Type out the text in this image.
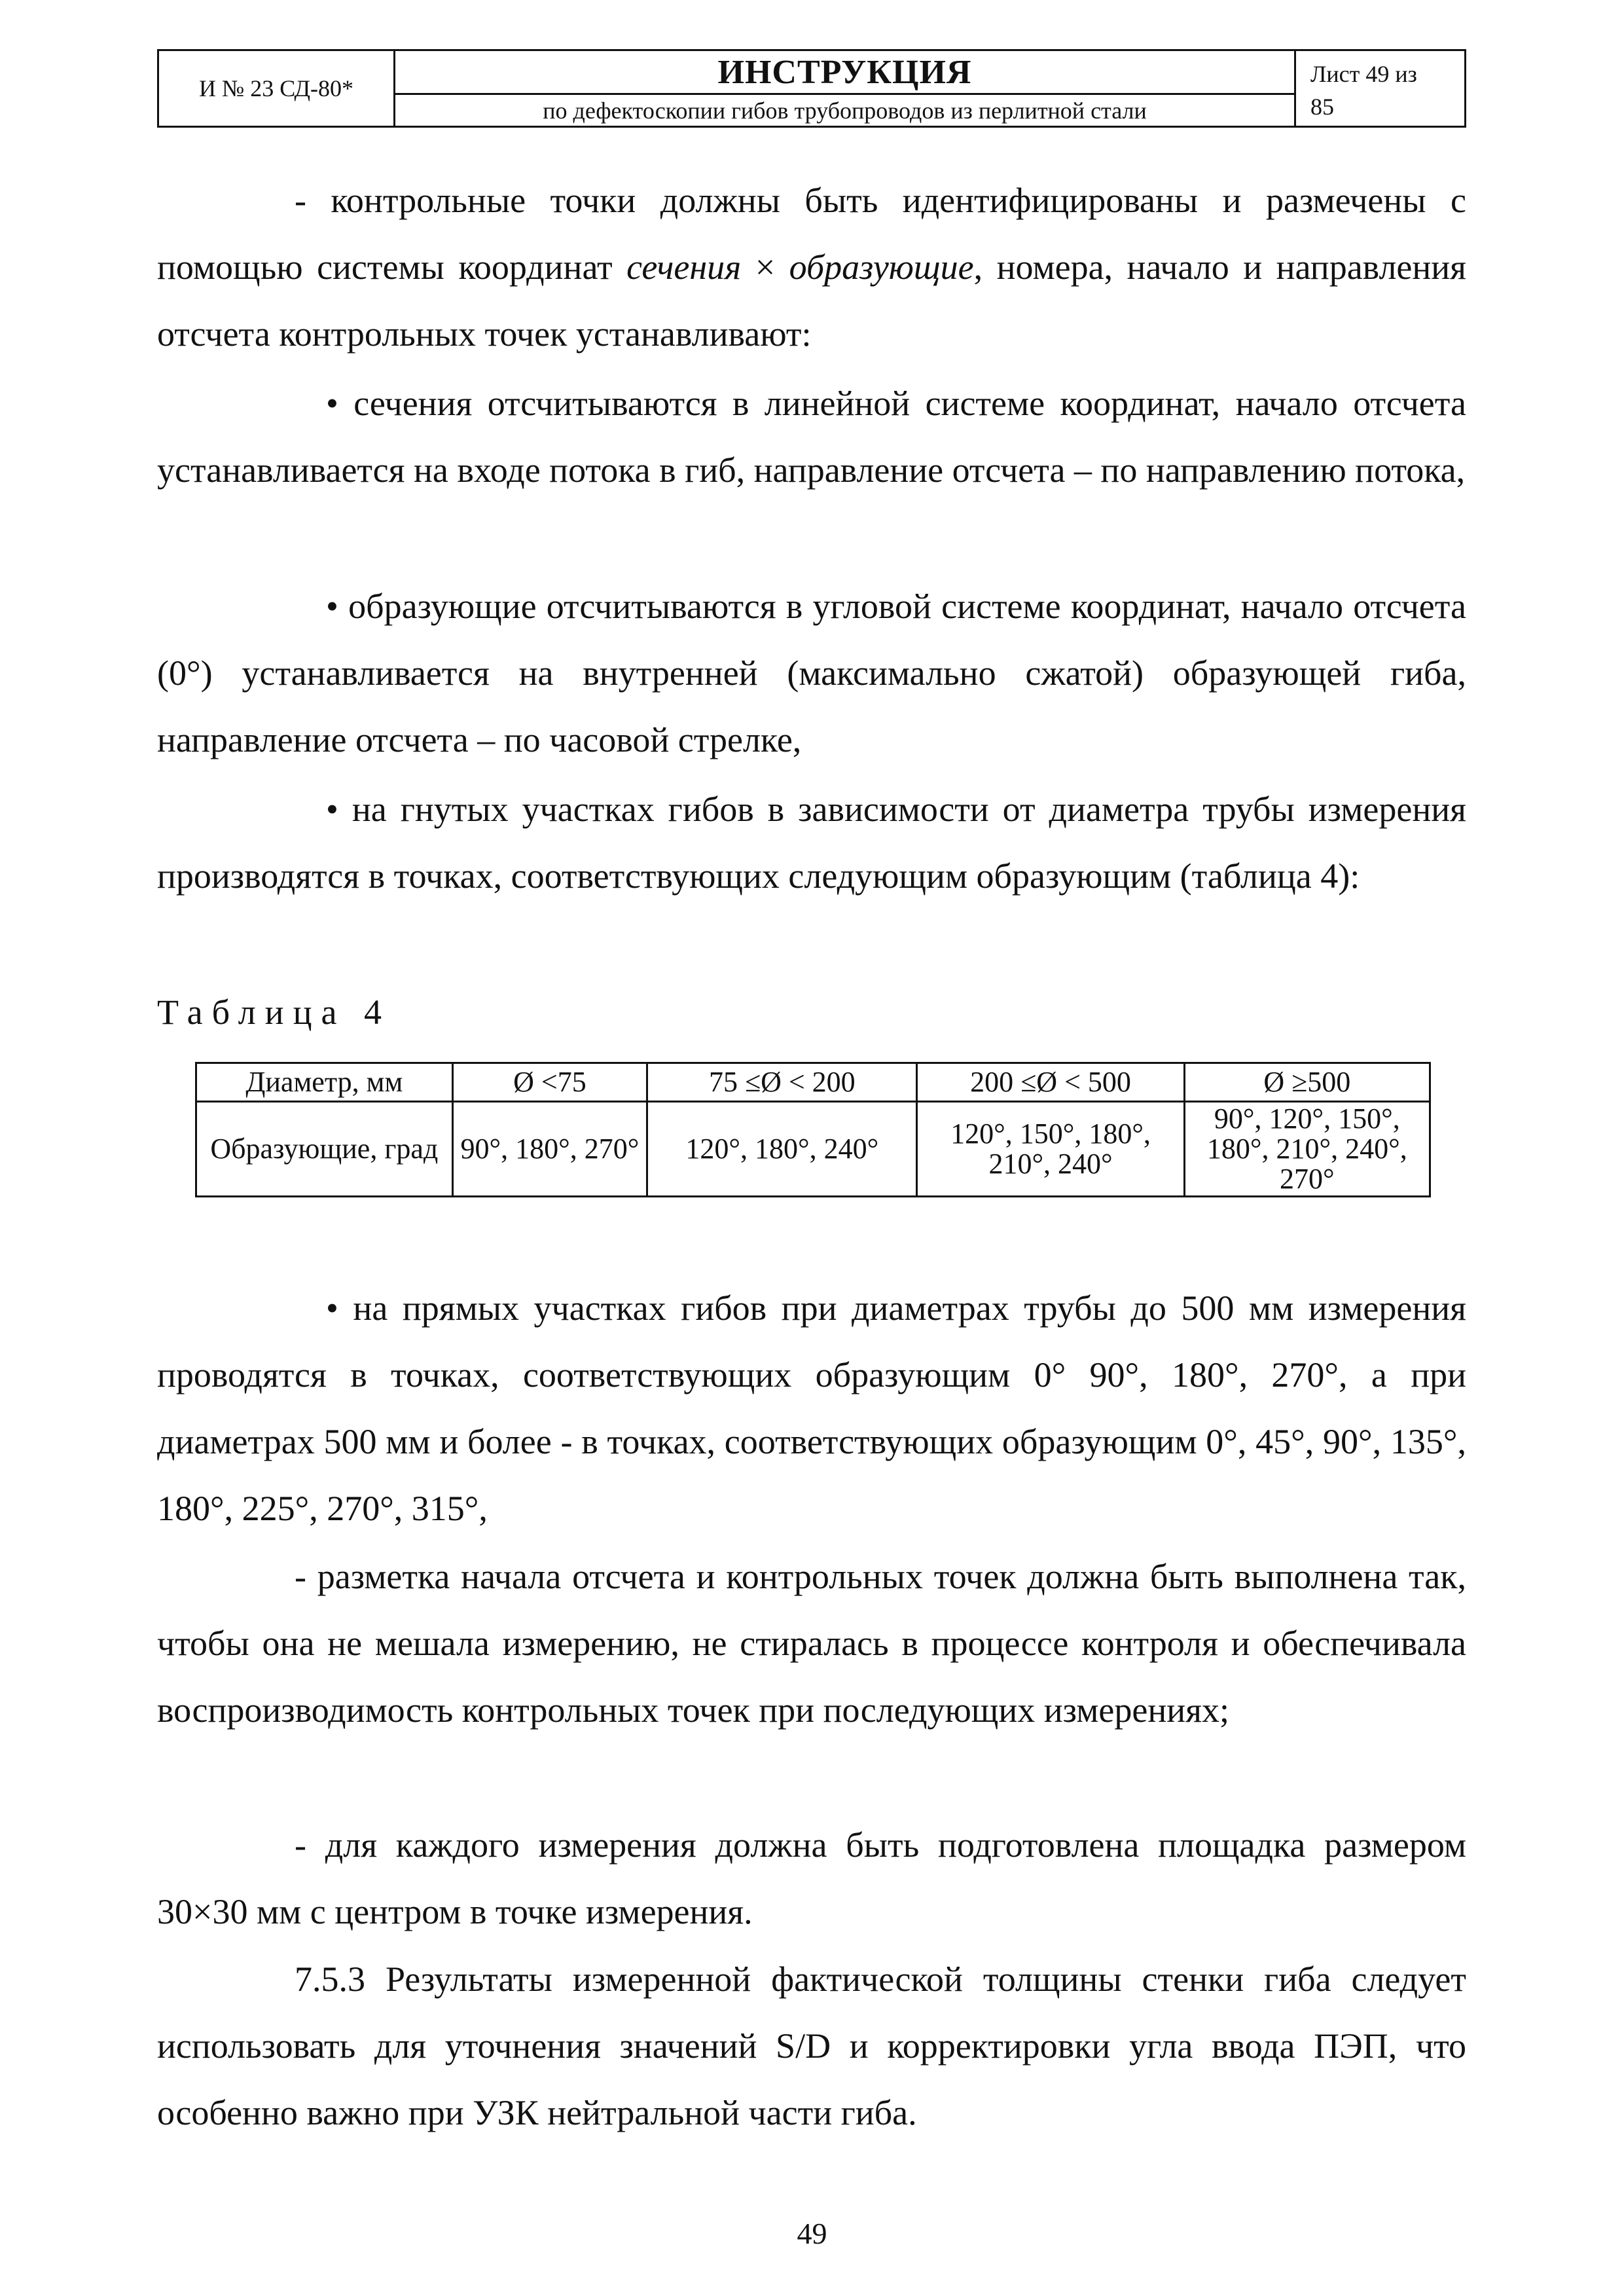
И № 23 СД-80*	ИНСТРУКЦИЯ
по дефектоскопии гибов трубопроводов из перлитной стали
Лист 49 из
85

- контрольные точки должны быть идентифицированы и размечены с помощью системы координат сечения × образующие, номера, начало и направления отсчета контрольных точек устанавливают:

• сечения отсчитываются в линейной системе координат, начало отсчета устанавливается на входе потока в гиб, направление отсчета – по направлению потока,

• образующие отсчитываются в угловой системе координат, начало отсчета (0°) устанавливается на внутренней (максимально сжатой) образующей гиба, направление отсчета – по часовой стрелке,

• на гнутых участках гибов в зависимости от диаметра трубы измерения производятся в точках, соответствующих следующим образующим (таблица 4):

Таблица 4
Диаметр, мм	Ø <75	75 ≤Ø < 200	200 ≤Ø < 500	Ø ≥500
Образующие, град	90°, 180°, 270°	120°, 180°, 240°	120°, 150°, 180°, 210°, 240°	90°, 120°, 150°, 180°, 210°, 240°, 270°

• на прямых участках гибов при диаметрах трубы до 500 мм измерения проводятся в точках, соответствующих образующим 0° 90°, 180°, 270°, а при диаметрах 500 мм и более - в точках, соответствующих образующим 0°, 45°, 90°, 135°, 180°, 225°, 270°, 315°,

- разметка начала отсчета и контрольных точек должна быть выполнена так, чтобы она не мешала измерению, не стиралась в процессе контроля и обеспечивала воспроизводимость контрольных точек при последующих измерениях;

- для каждого измерения должна быть подготовлена площадка размером 30×30 мм с центром в точке измерения.

7.5.3 Результаты измеренной фактической толщины стенки гиба следует использовать для уточнения значений S/D и корректировки угла ввода ПЭП, что особенно важно при УЗК нейтральной части гиба.

49
